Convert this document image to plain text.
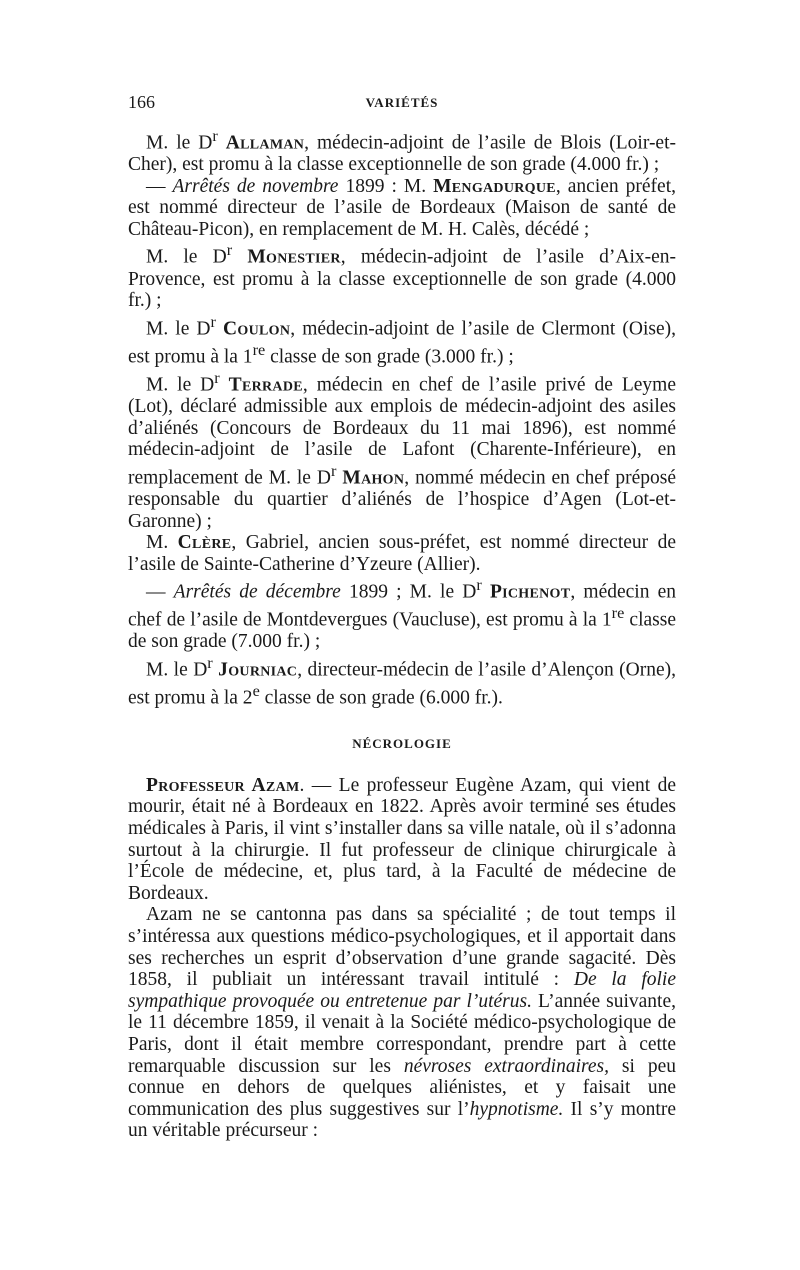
166	VARIÉTÉS

M. le $D^r$ Allaman, médecin-adjoint de l’asile de Blois (Loir-et-Cher), est promu à la classe exceptionnelle de son grade (4.000 fr.) ;

— Arrêtés de novembre 1899 : M. Mengadurque, ancien préfet, est nommé directeur de l’asile de Bordeaux (Maison de santé de Château-Picon), en remplacement de M. H. Calès, décédé ;

M. le $D^r$ Monestier, médecin-adjoint de l’asile d’Aix-en-Provence, est promu à la classe exceptionnelle de son grade (4.000 fr.) ;

M. le $D^r$ Coulon, médecin-adjoint de l’asile de Clermont (Oise), est promu à la 1re classe de son grade (3.000 fr.) ;

M. le $D^r$ Terrade, médecin en chef de l’asile privé de Leyme (Lot), déclaré admissible aux emplois de médecin-adjoint des asiles d’aliénés (Concours de Bordeaux du 11 mai 1896), est nommé médecin-adjoint de l’asile de Lafont (Charente-Inférieure), en remplacement de M. le $D^r$ Mahon, nommé médecin en chef préposé responsable du quartier d’aliénés de l’hospice d’Agen (Lot-et-Garonne) ;

M. Clère, Gabriel, ancien sous-préfet, est nommé directeur de l’asile de Sainte-Catherine d’Yzeure (Allier).

— Arrêtés de décembre 1899 ; M. le $D^r$ Pichenot, médecin en chef de l’asile de Montdevergues (Vaucluse), est promu à la 1re classe de son grade (7.000 fr.) ;

M. le $D^r$ Journiac, directeur-médecin de l’asile d’Alençon (Orne), est promu à la 2e classe de son grade (6.000 fr.).

NÉCROLOGIE

Professeur Azam. — Le professeur Eugène Azam, qui vient de mourir, était né à Bordeaux en 1822. Après avoir terminé ses études médicales à Paris, il vint s’installer dans sa ville natale, où il s’adonna surtout à la chirurgie. Il fut professeur de clinique chirurgicale à l’École de médecine, et, plus tard, à la Faculté de médecine de Bordeaux.

Azam ne se cantonna pas dans sa spécialité ; de tout temps il s’intéressa aux questions médico-psychologiques, et il apportait dans ses recherches un esprit d’observation d’une grande sagacité. Dès 1858, il publiait un intéressant travail intitulé : De la folie sympathique provoquée ou entretenue par l’utérus. L’année suivante, le 11 décembre 1859, il venait à la Société médico-psychologique de Paris, dont il était membre correspondant, prendre part à cette remarquable discussion sur les névroses extraordinaires, si peu connue en dehors de quelques aliénistes, et y faisait une communication des plus suggestives sur l’hypnotisme. Il s’y montre un véritable précurseur :
